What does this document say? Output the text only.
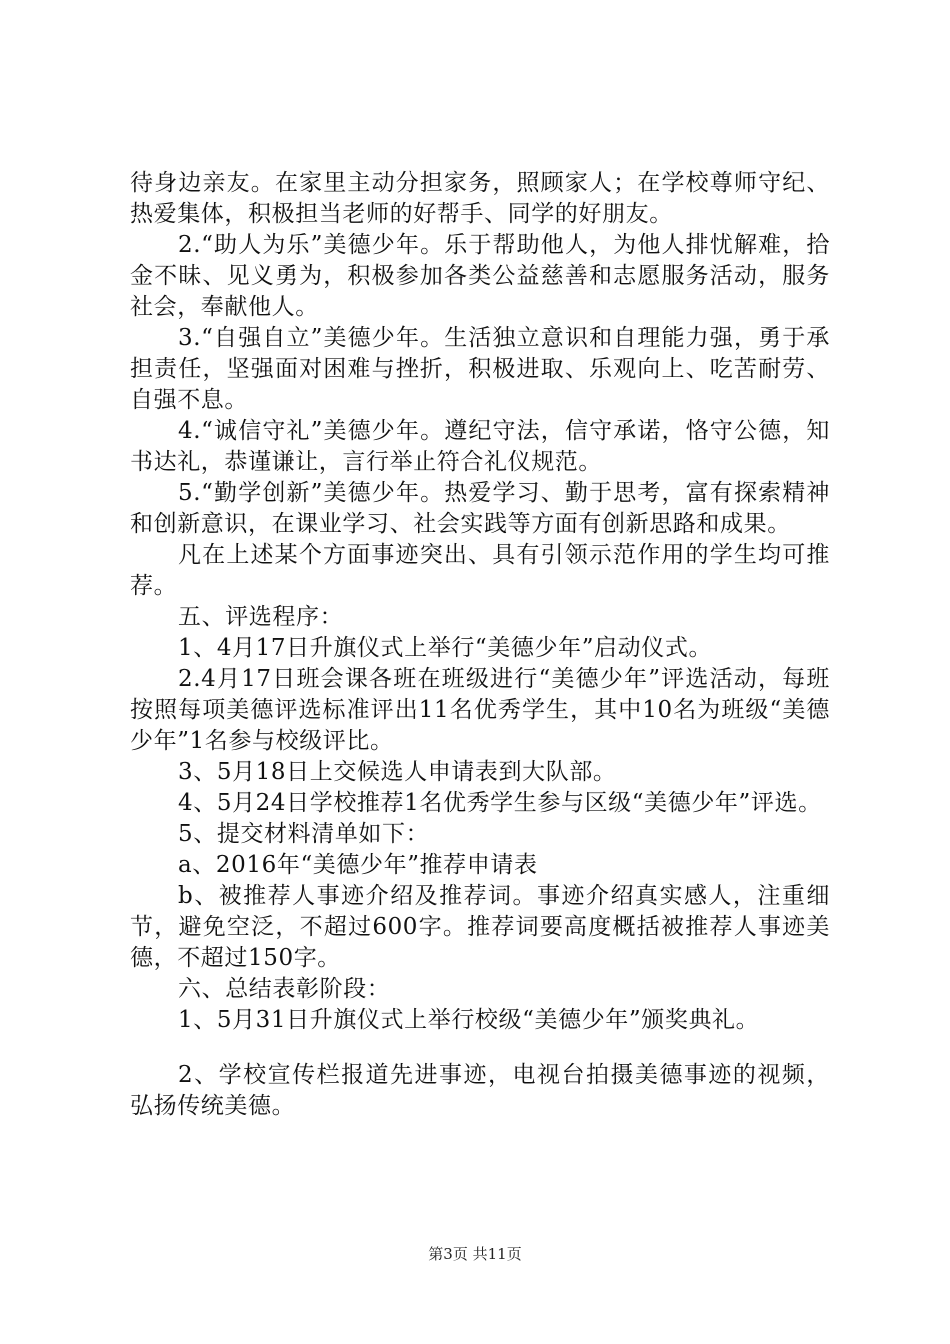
待身边亲友。在家里主动分担家务，照顾家人；在学校尊师守纪、热爱集体，积极担当老师的好帮手、同学的好朋友。

2.“助人为乐”美德少年。乐于帮助他人，为他人排忧解难，拾金不昧、见义勇为，积极参加各类公益慈善和志愿服务活动，服务社会，奉献他人。

3.“自强自立”美德少年。生活独立意识和自理能力强，勇于承担责任，坚强面对困难与挫折，积极进取、乐观向上、吃苦耐劳、自强不息。

4.“诚信守礼”美德少年。遵纪守法，信守承诺，恪守公德，知书达礼，恭谨谦让，言行举止符合礼仪规范。

5.“勤学创新”美德少年。热爱学习、勤于思考，富有探索精神和创新意识，在课业学习、社会实践等方面有创新思路和成果。

凡在上述某个方面事迹突出、具有引领示范作用的学生均可推荐。

五、评选程序：

1、4月17日升旗仪式上举行“美德少年”启动仪式。

2.4月17日班会课各班在班级进行“美德少年”评选活动，每班按照每项美德评选标准评出11名优秀学生，其中10名为班级“美德少年”1名参与校级评比。

3、5月18日上交候选人申请表到大队部。

4、5月24日学校推荐1名优秀学生参与区级“美德少年”评选。

5、提交材料清单如下：

a、2016年“美德少年”推荐申请表

b、被推荐人事迹介绍及推荐词。事迹介绍真实感人，注重细节，避免空泛，不超过600字。推荐词要高度概括被推荐人事迹美德，不超过150字。

六、总结表彰阶段：

1、5月31日升旗仪式上举行校级“美德少年”颁奖典礼。

2、学校宣传栏报道先进事迹，电视台拍摄美德事迹的视频，弘扬传统美德。

第3页 共11页
